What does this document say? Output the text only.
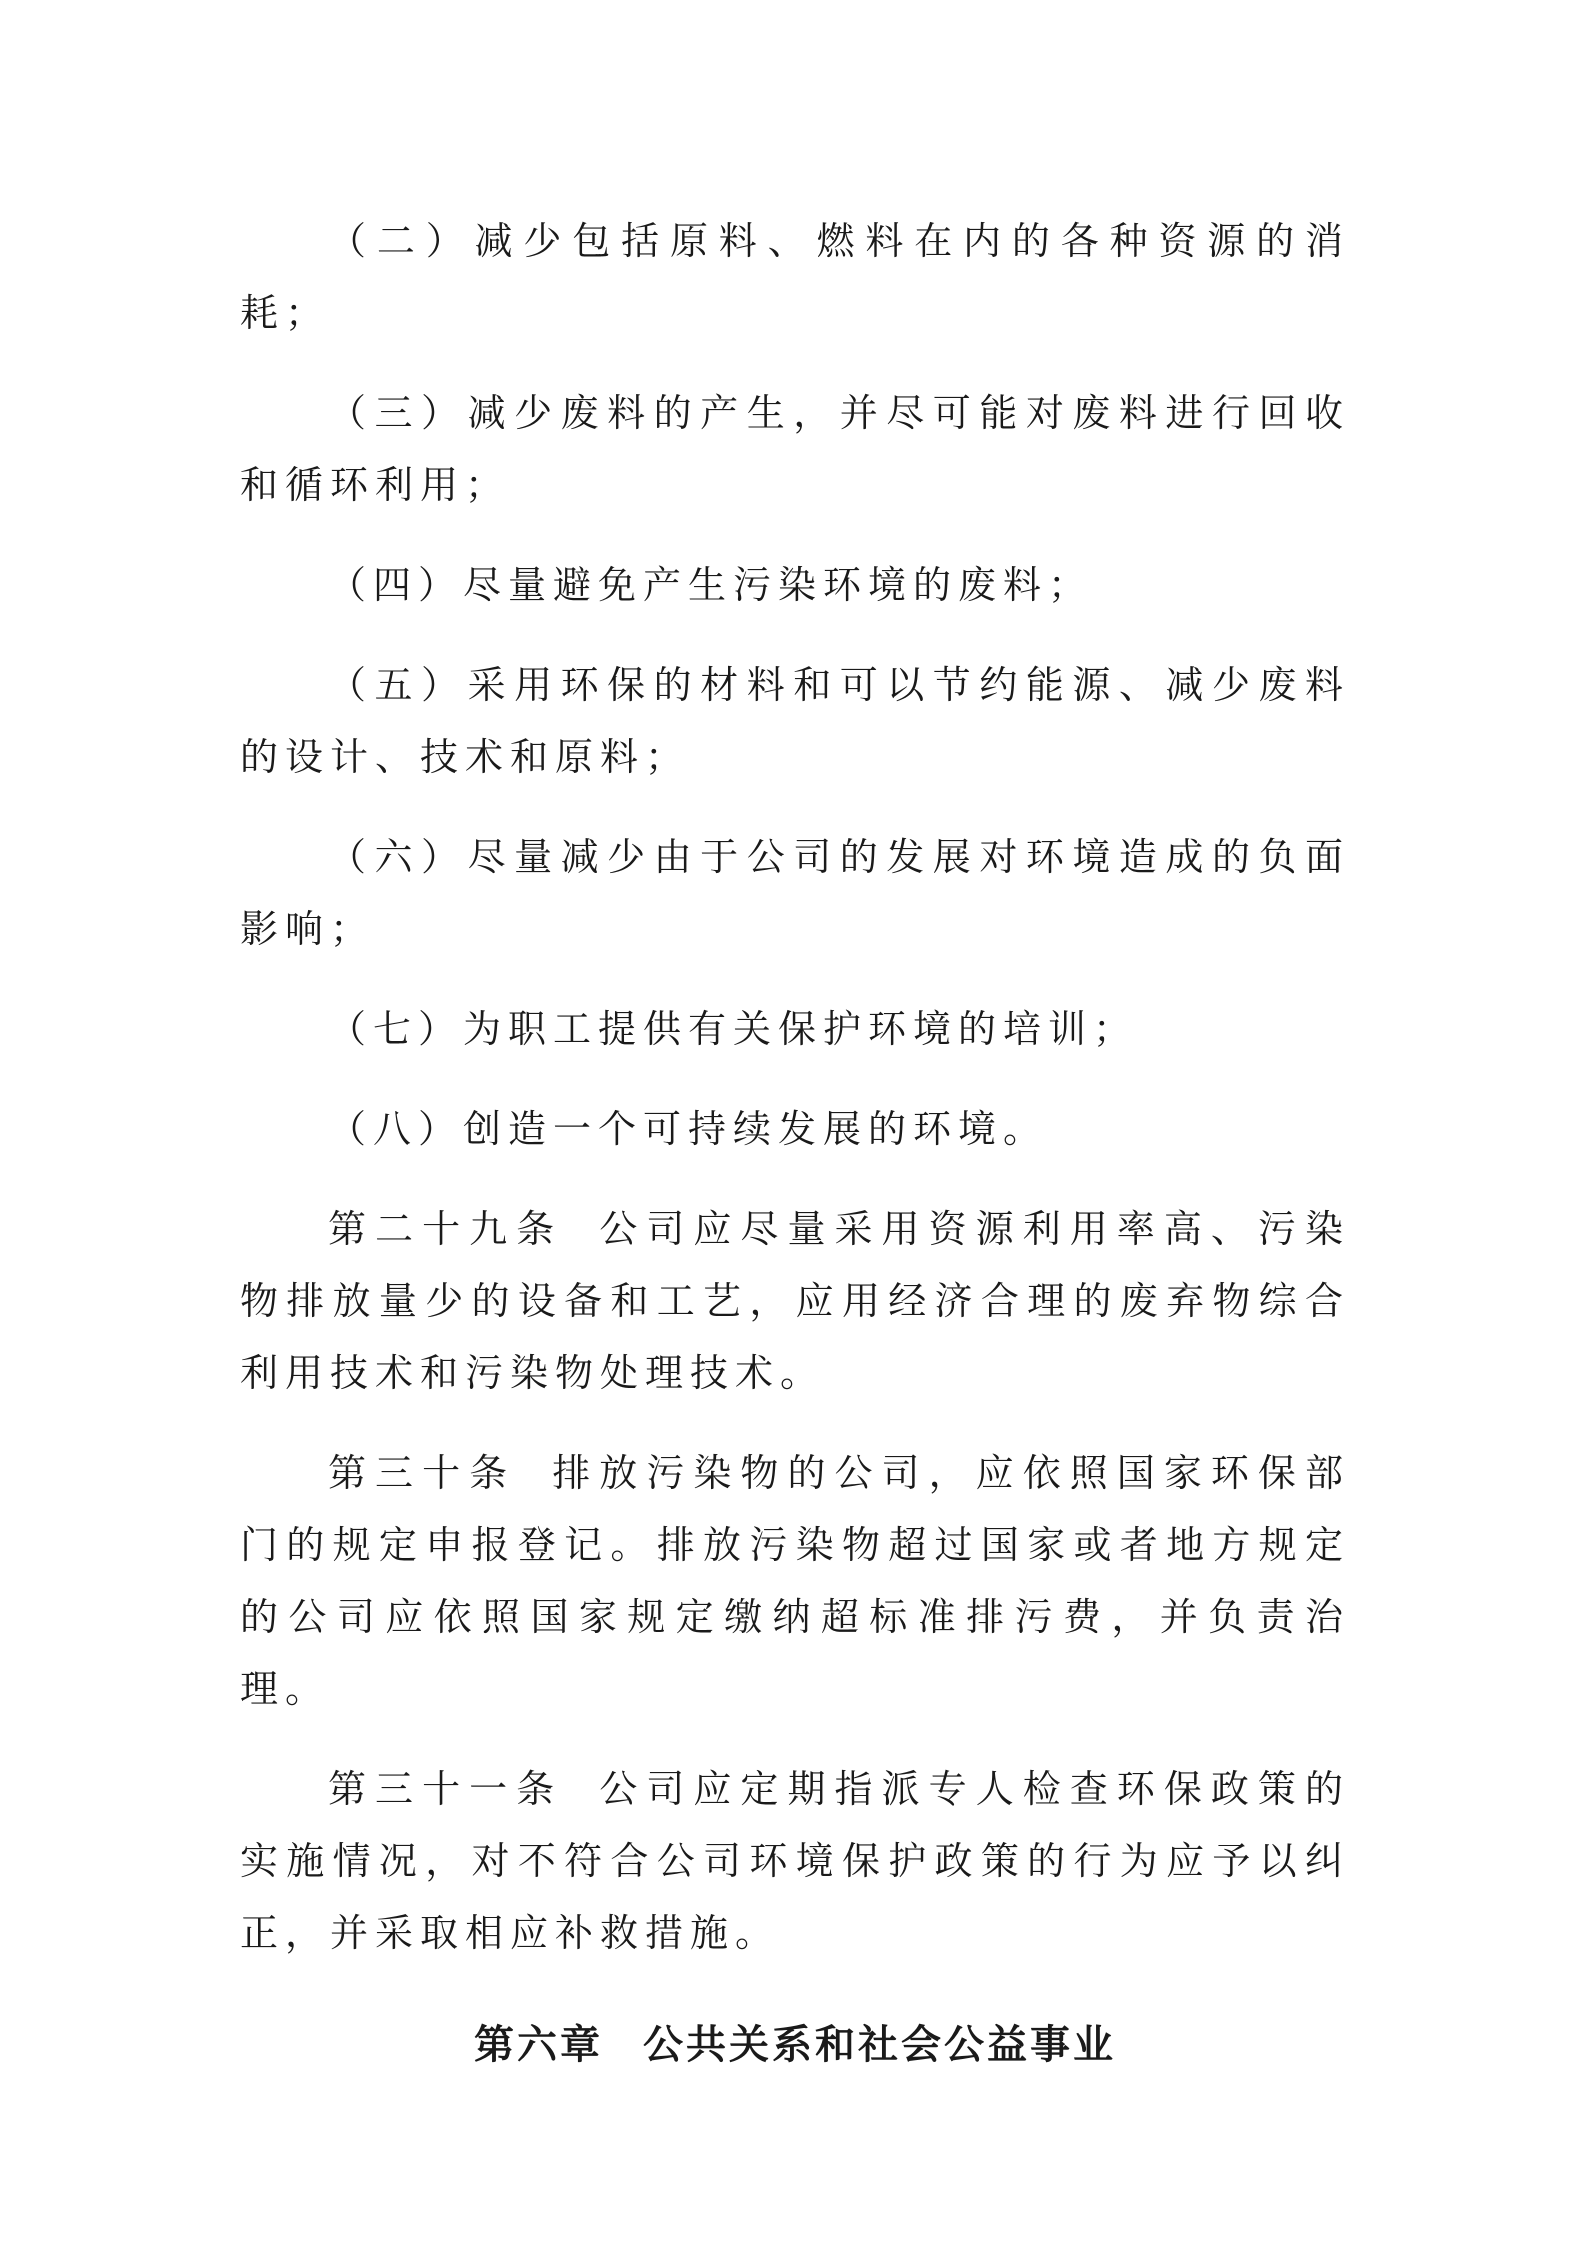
（二）减少包括原料、燃料在内的各种资源的消耗；

（三）减少废料的产生，并尽可能对废料进行回收和循环利用；

（四）尽量避免产生污染环境的废料；

（五）采用环保的材料和可以节约能源、减少废料的设计、技术和原料；

（六）尽量减少由于公司的发展对环境造成的负面影响；

（七）为职工提供有关保护环境的培训；

（八）创造一个可持续发展的环境。

第二十九条 公司应尽量采用资源利用率高、污染物排放量少的设备和工艺，应用经济合理的废弃物综合利用技术和污染物处理技术。

第三十条 排放污染物的公司，应依照国家环保部门的规定申报登记。排放污染物超过国家或者地方规定的公司应依照国家规定缴纳超标准排污费，并负责治理。

第三十一条 公司应定期指派专人检查环保政策的实施情况，对不符合公司环境保护政策的行为应予以纠正，并采取相应补救措施。

第六章 公共关系和社会公益事业
